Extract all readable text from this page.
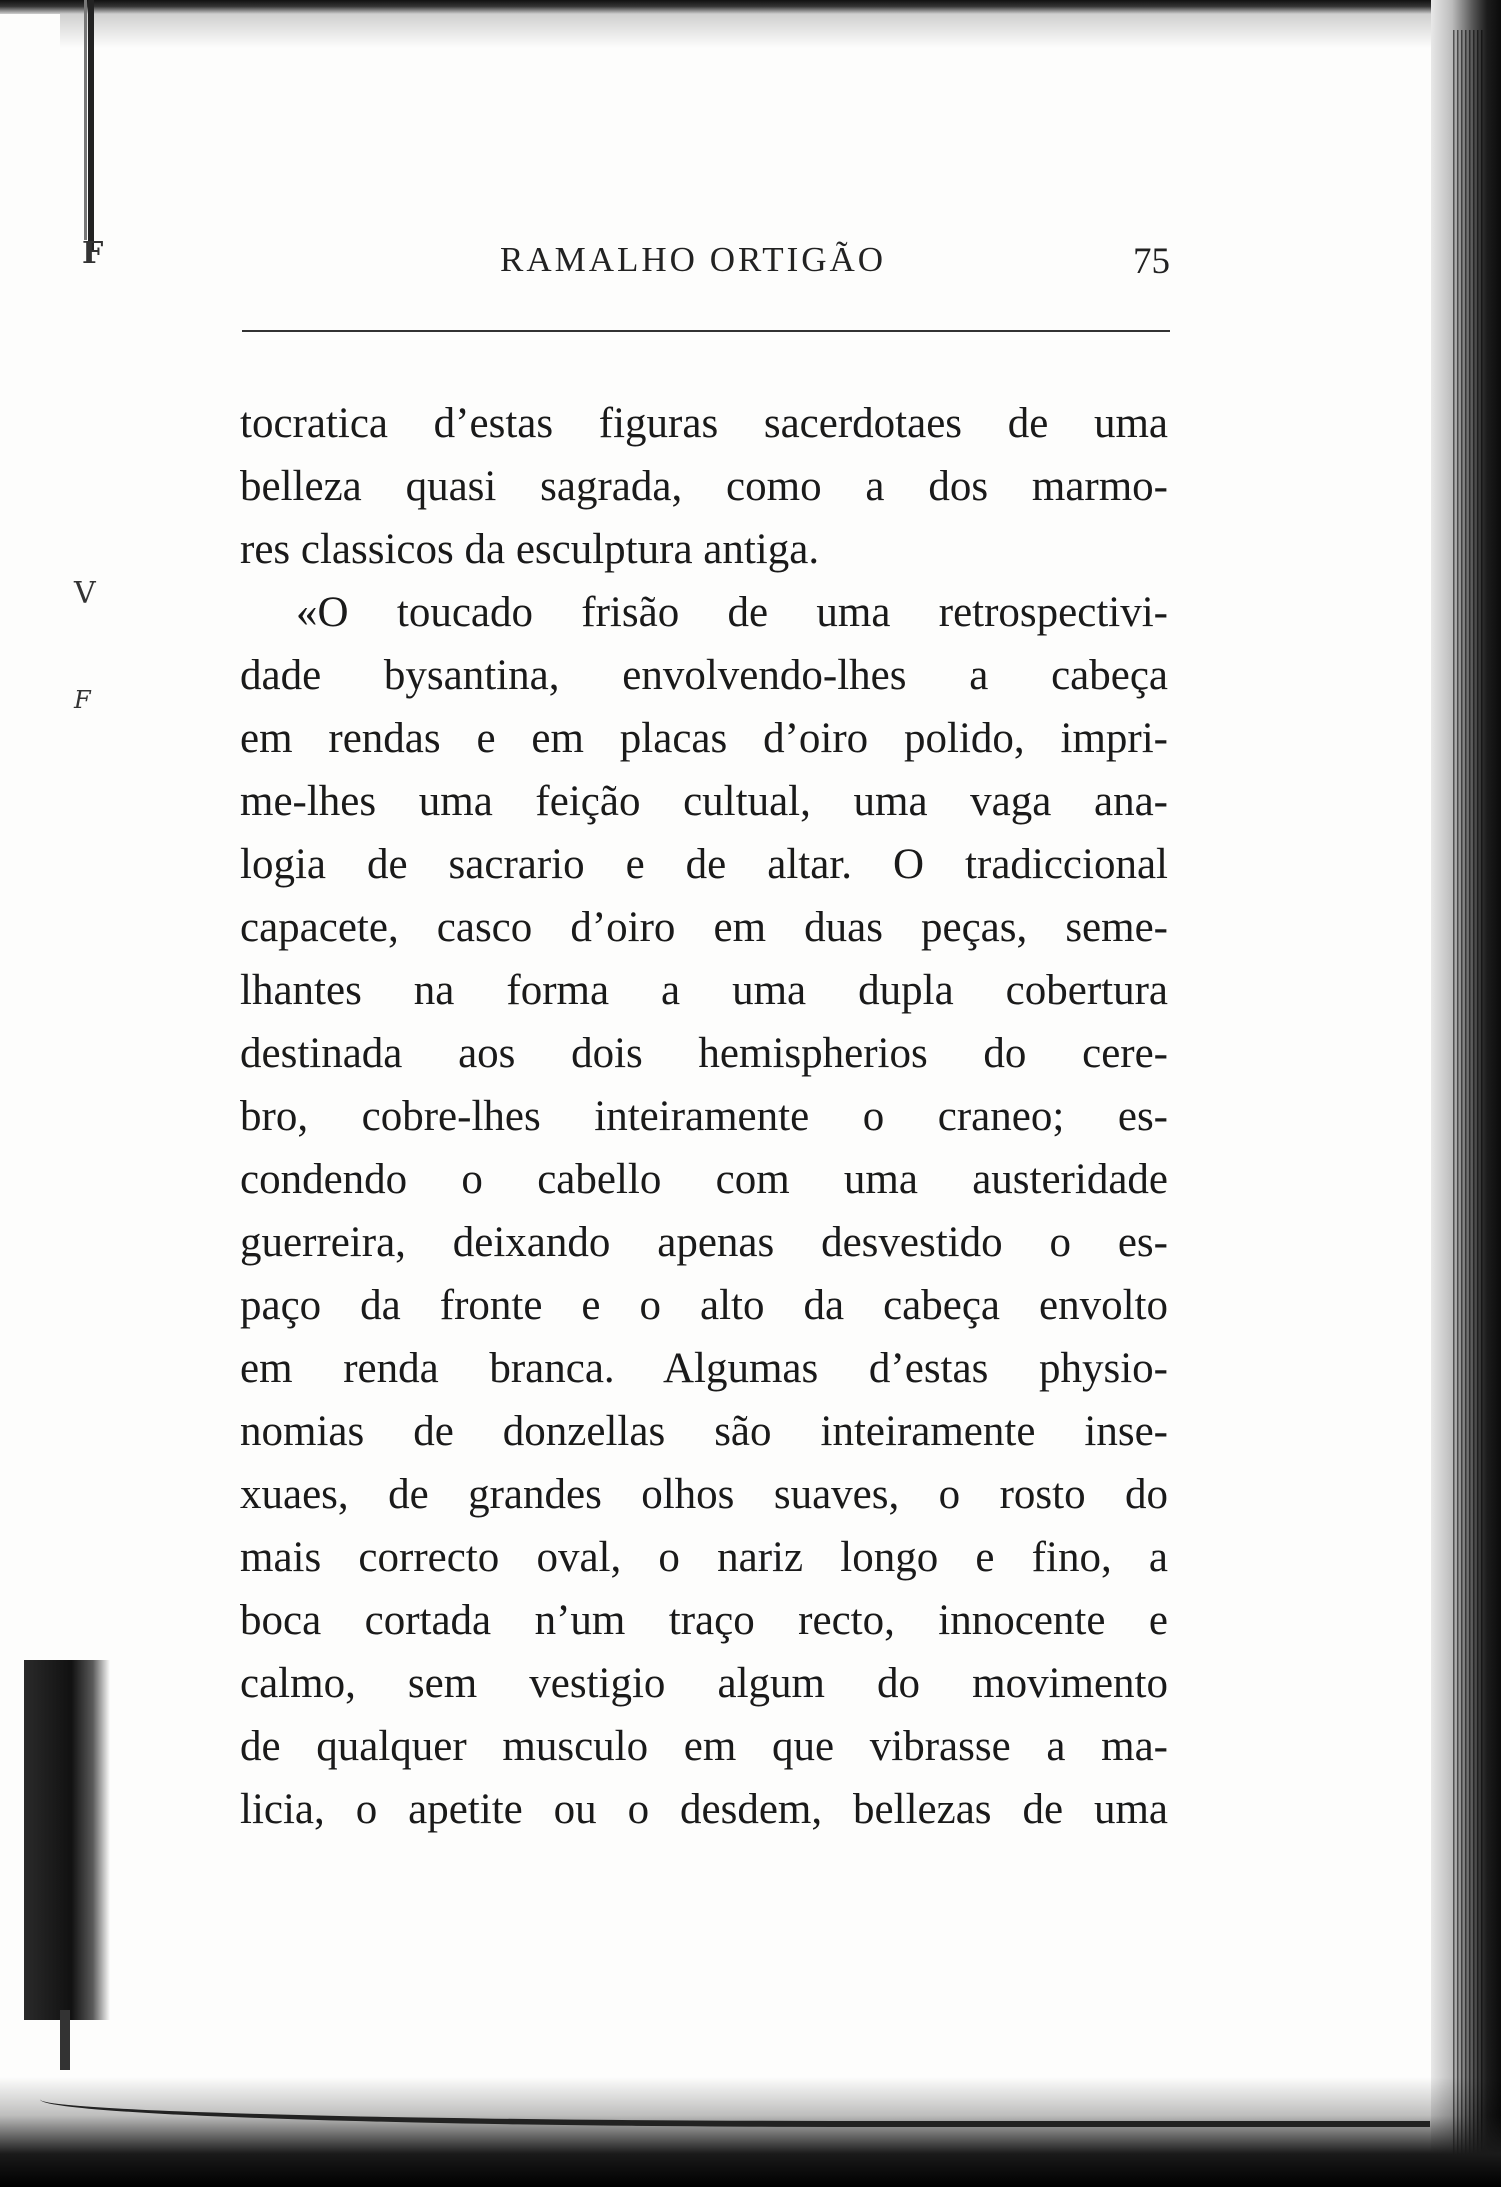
F
V
F
RAMALHO ORTIGÃO	75
tocratica d’estas figuras sacerdotaes de uma
belleza quasi sagrada, como a dos marmo-
res classicos da esculptura antiga.
«O toucado frisão de uma retrospectivi-
dade bysantina, envolvendo-lhes a cabeça
em rendas e em placas d’oiro polido, impri-
me-lhes uma feição cultual, uma vaga ana-
logia de sacrario e de altar. O tradiccional
capacete, casco d’oiro em duas peças, seme-
lhantes na forma a uma dupla cobertura
destinada aos dois hemispherios do cere-
bro, cobre-lhes inteiramente o craneo; es-
condendo o cabello com uma austeridade
guerreira, deixando apenas desvestido o es-
paço da fronte e o alto da cabeça envolto
em renda branca. Algumas d’estas physio-
nomias de donzellas são inteiramente inse-
xuaes, de grandes olhos suaves, o rosto do
mais correcto oval, o nariz longo e fino, a
boca cortada n’um traço recto, innocente e
calmo, sem vestigio algum do movimento
de qualquer musculo em que vibrasse a ma-
licia, o apetite ou o desdem, bellezas de uma
